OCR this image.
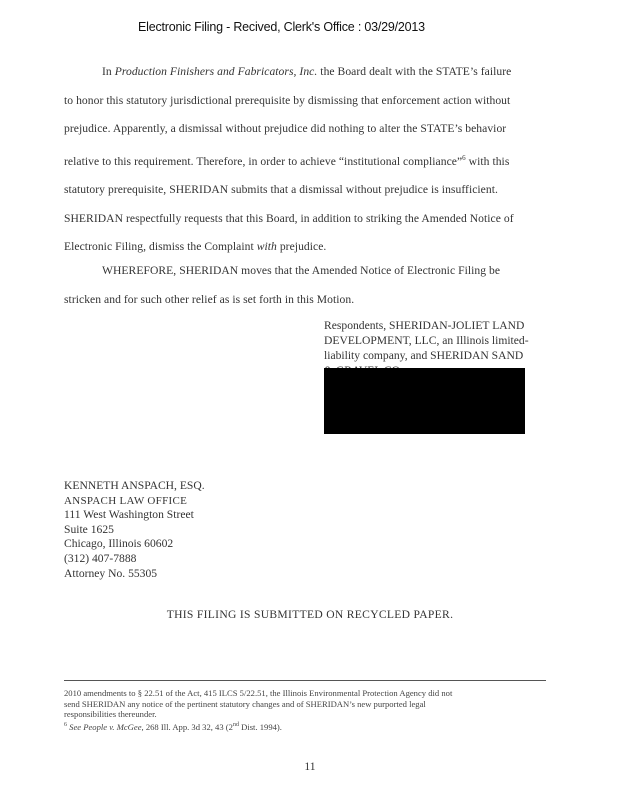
Electronic Filing - Recived, Clerk's Office : 03/29/2013
In Production Finishers and Fabricators, Inc. the Board dealt with the STATE’s failure
to honor this statutory jurisdictional prerequisite by dismissing that enforcement action without
prejudice. Apparently, a dismissal without prejudice did nothing to alter the STATE’s behavior
relative to this requirement. Therefore, in order to achieve “institutional compliance”$^6$ with this
statutory prerequisite, SHERIDAN submits that a dismissal without prejudice is insufficient.
SHERIDAN respectfully requests that this Board, in addition to striking the Amended Notice of
Electronic Filing, dismiss the Complaint with prejudice.
WHEREFORE, SHERIDAN moves that the Amended Notice of Electronic Filing be
stricken and for such other relief as is set forth in this Motion.
Respondents, SHERIDAN-JOLIET LAND
DEVELOPMENT, LLC, an Illinois limited-
liability company, and SHERIDAN SAND
KENNETH ANSPACH, ESQ.
ANSPACH LAW OFFICE
111 West Washington Street
Suite 1625
Chicago, Illinois 60602
(312) 407-7888
Attorney No. 55305
THIS FILING IS SUBMITTED ON RECYCLED PAPER.
2010 amendments to § 22.51 of the Act, 415 ILCS 5/22.51, the Illinois Environmental Protection Agency did not
send SHERIDAN any notice of the pertinent statutory changes and of SHERIDAN’s new purported legal
responsibilities thereunder.
$^6$ See People v. McGee, 268 Ill. App. 3d 32, 43 (2nd Dist. 1994).
11
